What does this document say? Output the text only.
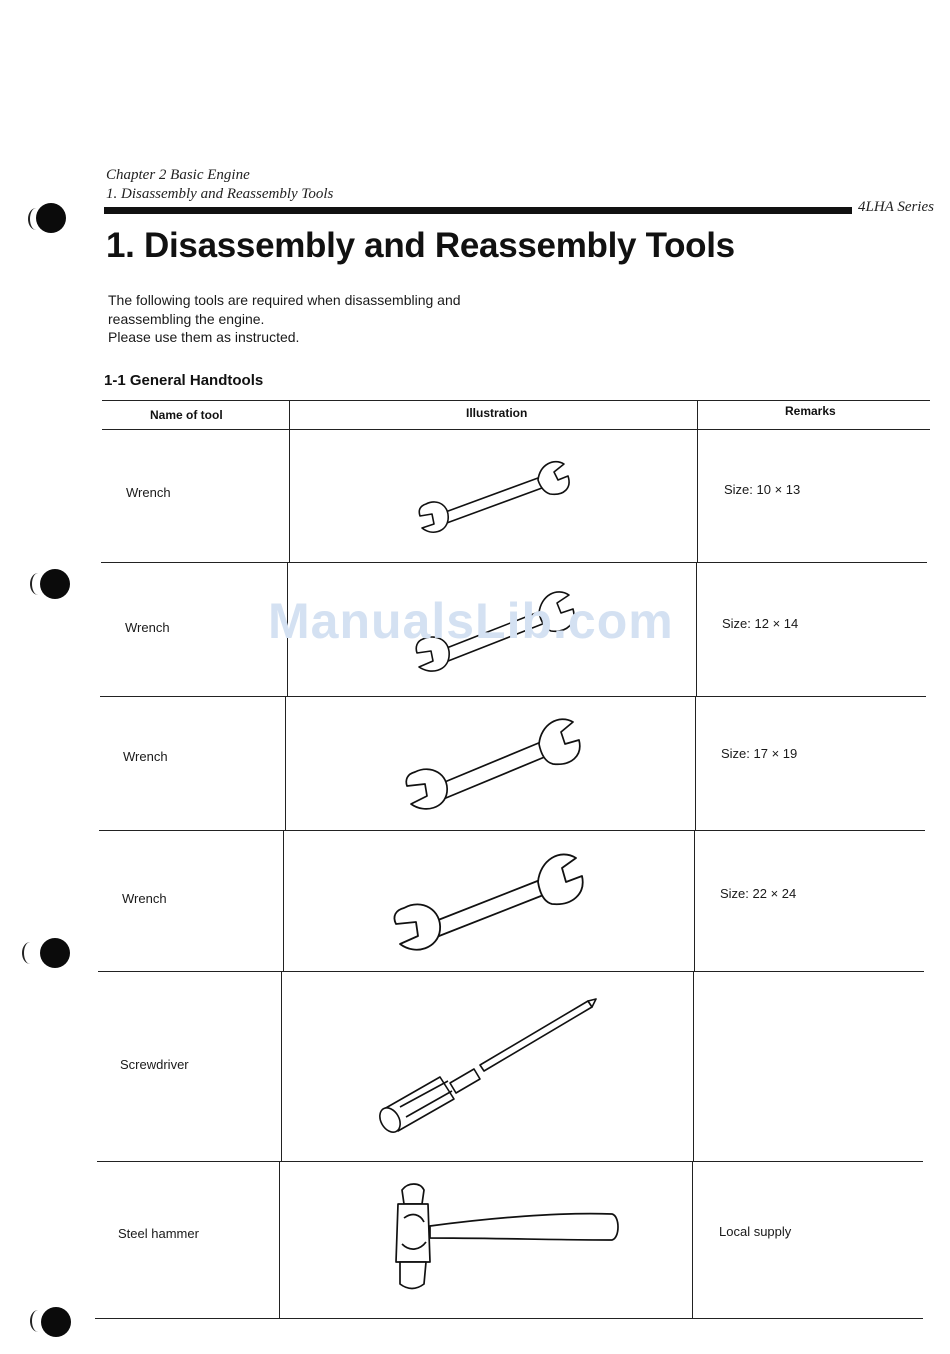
Chapter 2 Basic Engine
1. Disassembly and Reassembly Tools
4LHA Series
1. Disassembly and Reassembly Tools
The following tools are required when disassembling and
reassembling the engine.
Please use them as instructed.
1-1 General Handtools
Name of tool	Illustration	Remarks
Wrench	Size: 10 × 13
Wrench	Size: 12 × 14
Wrench	Size: 17 × 19
Wrench	Size: 22 × 24
Screwdriver
Steel hammer	Local supply
ManualsLib.com
